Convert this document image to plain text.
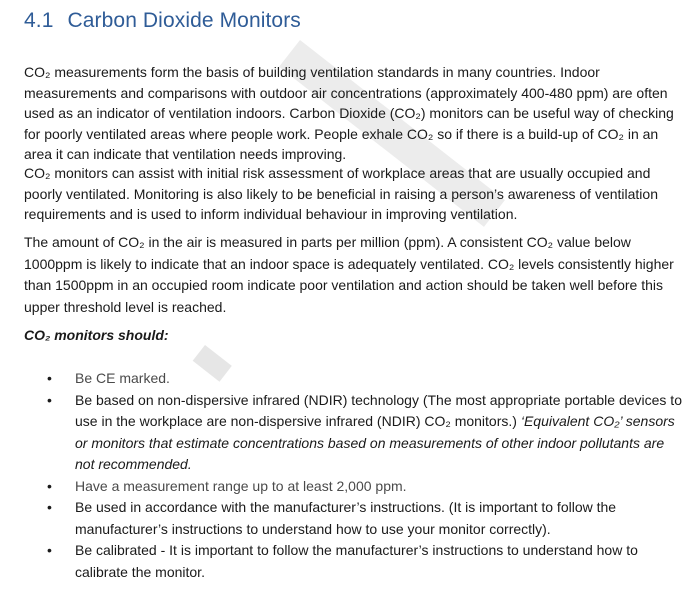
4.1 Carbon Dioxide Monitors

CO₂ measurements form the basis of building ventilation standards in many countries. Indoor measurements and comparisons with outdoor air concentrations (approximately 400-480 ppm) are often used as an indicator of ventilation indoors. Carbon Dioxide (CO₂) monitors can be useful way of checking for poorly ventilated areas where people work. People exhale CO₂ so if there is a build-up of CO₂ in an area it can indicate that ventilation needs improving.

CO₂ monitors can assist with initial risk assessment of workplace areas that are usually occupied and poorly ventilated. Monitoring is also likely to be beneficial in raising a person’s awareness of ventilation requirements and is used to inform individual behaviour in improving ventilation.

The amount of CO₂ in the air is measured in parts per million (ppm). A consistent CO₂ value below 1000ppm is likely to indicate that an indoor space is adequately ventilated. CO₂ levels consistently higher than 1500ppm in an occupied room indicate poor ventilation and action should be taken well before this upper threshold level is reached.

CO₂ monitors should:
• Be CE marked.
• Be based on non-dispersive infrared (NDIR) technology (The most appropriate portable devices to use in the workplace are non-dispersive infrared (NDIR) CO₂ monitors.) ‘Equivalent CO₂’ sensors or monitors that estimate concentrations based on measurements of other indoor pollutants are not recommended.
• Have a measurement range up to at least 2,000 ppm.
• Be used in accordance with the manufacturer’s instructions. (It is important to follow the manufacturer’s instructions to understand how to use your monitor correctly).
• Be calibrated - It is important to follow the manufacturer’s instructions to understand how to calibrate the monitor.
